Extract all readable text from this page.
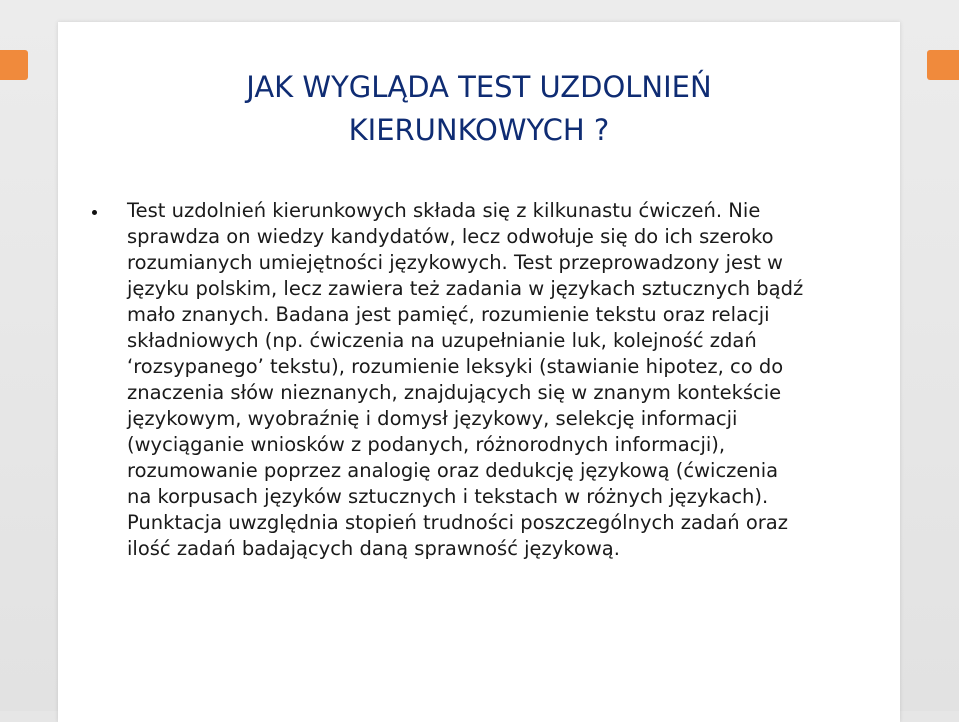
JAK WYGLĄDA TEST UZDOLNIEŃ
KIERUNKOWYCH ?
Test uzdolnień kierunkowych składa się z kilkunastu ćwiczeń. Nie
sprawdza on wiedzy kandydatów, lecz odwołuje się do ich szeroko
rozumianych umiejętności językowych. Test przeprowadzony jest w
języku polskim, lecz zawiera też zadania w językach sztucznych bądź
mało znanych. Badana jest pamięć, rozumienie tekstu oraz relacji
składniowych (np. ćwiczenia na uzupełnianie luk, kolejność zdań
‘rozsypanego’ tekstu), rozumienie leksyki (stawianie hipotez, co do
znaczenia słów nieznanych, znajdujących się w znanym kontekście
językowym, wyobraźnię i domysł językowy, selekcję informacji
(wyciąganie wniosków z podanych, różnorodnych informacji),
rozumowanie poprzez analogię oraz dedukcję językową (ćwiczenia
na korpusach języków sztucznych i tekstach w różnych językach).
Punktacja uwzględnia stopień trudności poszczególnych zadań oraz
ilość zadań badających daną sprawność językową.
